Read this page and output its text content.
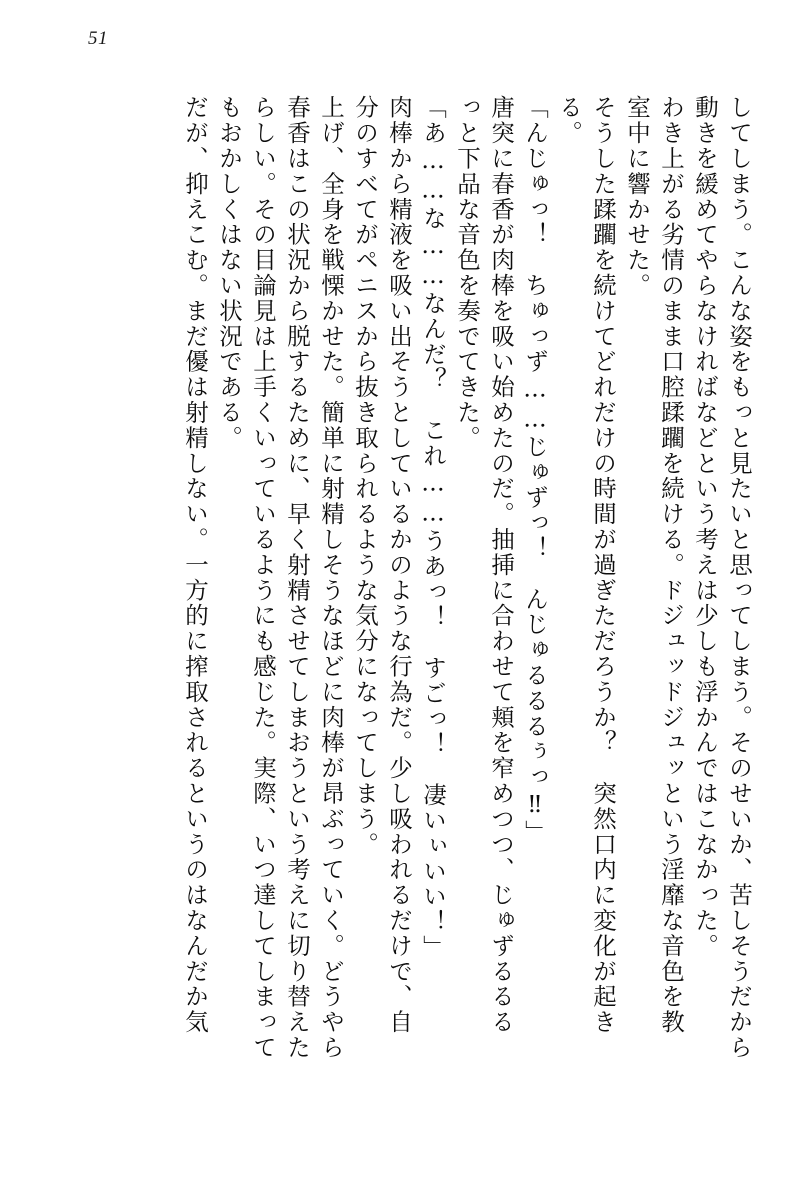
51
してしまう。こんな姿をもっと見たいと思ってしまう。そのせいか、苦しそうだから
動きを緩めてやらなければなどという考えは少しも浮かんではこなかった。
わき上がる劣情のまま口腔蹂躙を続ける。ドジュッドジュッという淫靡な音色を教
室中に響かせた。
そうした蹂躙を続けてどれだけの時間が過ぎただろうか？　突然口内に変化が起き
る。
「んじゅっ！　ちゅっず……じゅずっ！　んじゅるるるぅっ‼」
唐突に春香が肉棒を吸い始めたのだ。抽挿に合わせて頬を窄めつつ、じゅずるるる
っと下品な音色を奏でてきた。
「あ……な……なんだ？　これ……うあっ！　すごっ！　凄いぃいい！」
肉棒から精液を吸い出そうとしているかのような行為だ。少し吸われるだけで、自
分のすべてがペニスから抜き取られるような気分になってしまう。
上げ、全身を戦慄かせた。簡単に射精しそうなほどに肉棒が昂ぶっていく。どうやら
春香はこの状況から脱するために、早く射精させてしまおうという考えに切り替えた
らしい。その目論見は上手くいっているようにも感じた。実際、いつ達してしまって
もおかしくはない状況である。
だが、抑えこむ。まだ優は射精しない。一方的に搾取されるというのはなんだか気
